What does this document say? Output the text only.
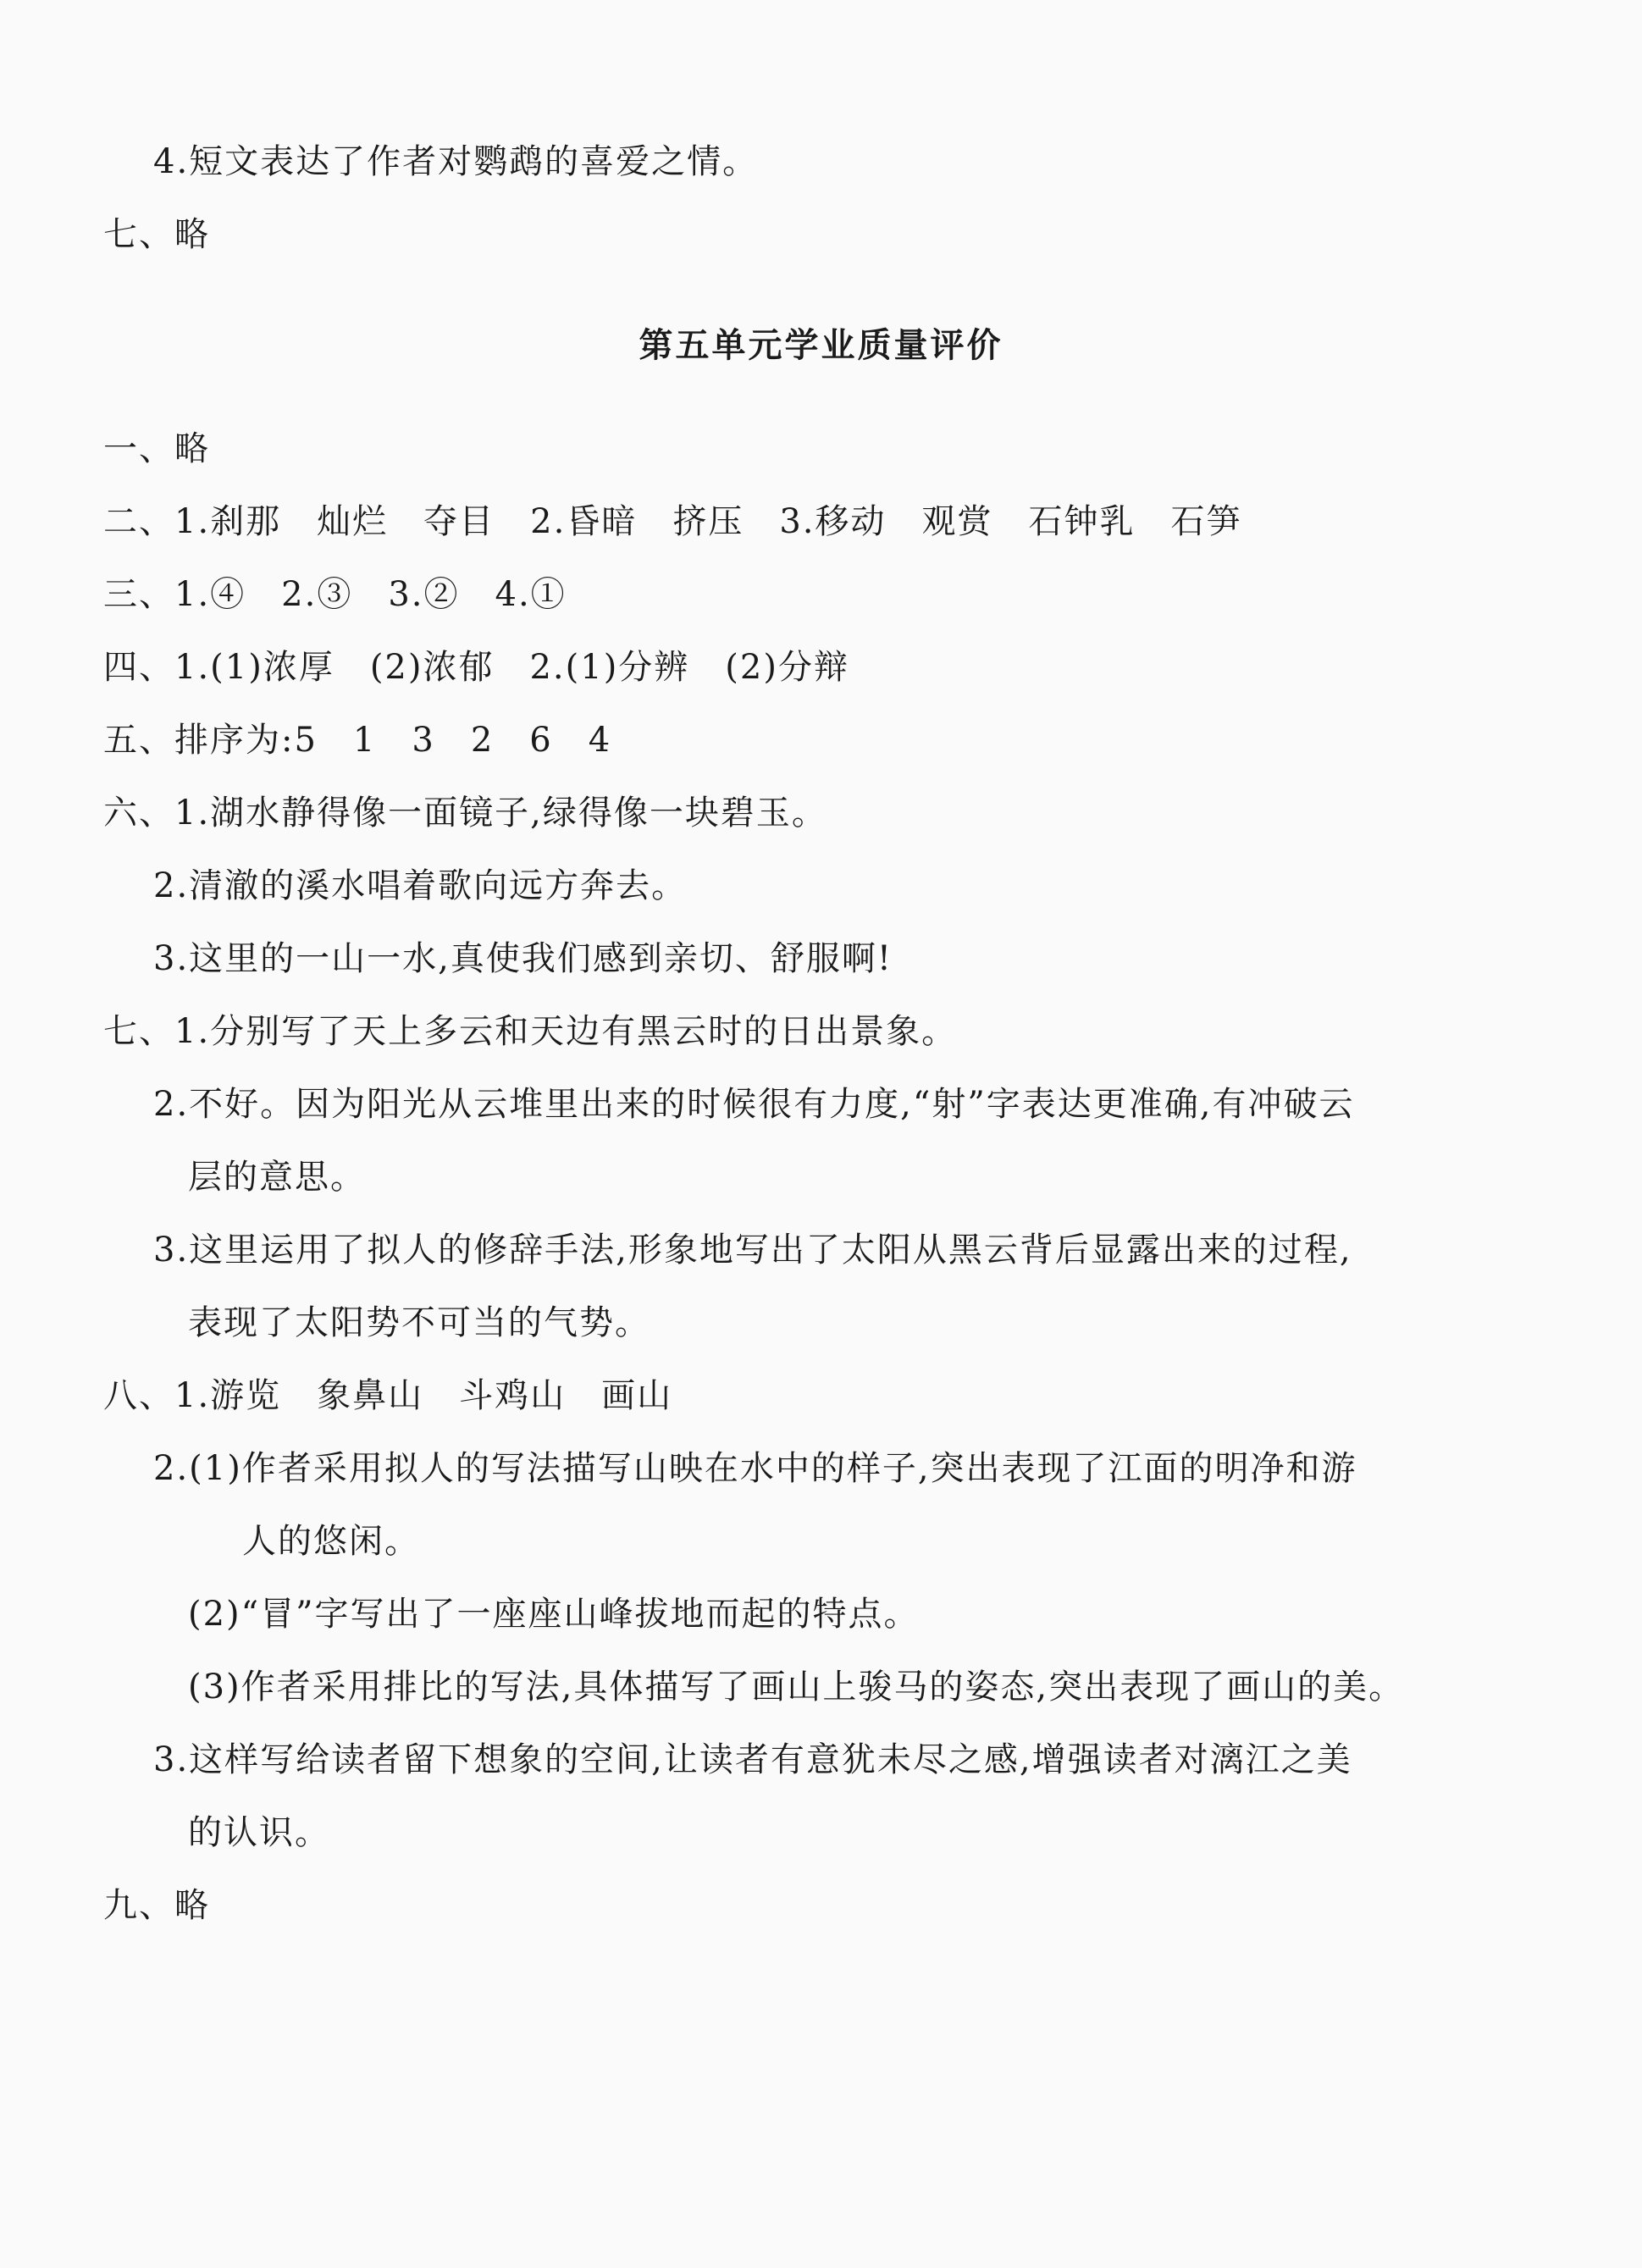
4.短文表达了作者对鹦鹉的喜爱之情。
七、略
第五单元学业质量评价
一、略
二、1.刹那　灿烂　夺目　2.昏暗　挤压　3.移动　观赏　石钟乳　石笋
三、1.④　2.③　3.②　4.①
四、1.(1)浓厚　(2)浓郁　2.(1)分辨　(2)分辩
五、排序为:5　1　3　2　6　4
六、1.湖水静得像一面镜子,绿得像一块碧玉。
2.清澈的溪水唱着歌向远方奔去。
3.这里的一山一水,真使我们感到亲切、舒服啊!
七、1.分别写了天上多云和天边有黑云时的日出景象。
2.不好。因为阳光从云堆里出来的时候很有力度,“射”字表达更准确,有冲破云
层的意思。
3.这里运用了拟人的修辞手法,形象地写出了太阳从黑云背后显露出来的过程,
表现了太阳势不可当的气势。
八、1.游览　象鼻山　斗鸡山　画山
2.(1)作者采用拟人的写法描写山映在水中的样子,突出表现了江面的明净和游
人的悠闲。
(2)“冒”字写出了一座座山峰拔地而起的特点。
(3)作者采用排比的写法,具体描写了画山上骏马的姿态,突出表现了画山的美。
3.这样写给读者留下想象的空间,让读者有意犹未尽之感,增强读者对漓江之美
的认识。
九、略
